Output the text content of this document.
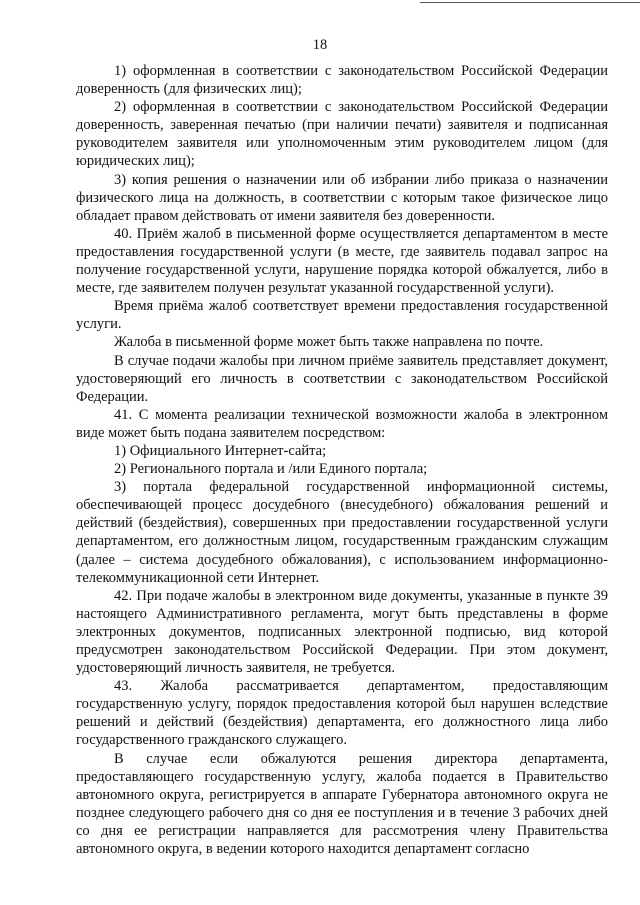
18

1) оформленная в соответствии с законодательством Российской Федерации доверенность (для физических лиц);

2) оформленная в соответствии с законодательством Российской Федерации доверенность, заверенная печатью (при наличии печати) заявителя и подписанная руководителем заявителя или уполномоченным этим руководителем лицом (для юридических лиц);

3) копия решения о назначении или об избрании либо приказа о назначении физического лица на должность, в соответствии с которым такое физическое лицо обладает правом действовать от имени заявителя без доверенности.

40. Приём жалоб в письменной форме осуществляется департаментом в месте предоставления государственной услуги (в месте, где заявитель подавал запрос на получение государственной услуги, нарушение порядка которой обжалуется, либо в месте, где заявителем получен результат указанной государственной услуги).

Время приёма жалоб соответствует времени предоставления государственной услуги.

Жалоба в письменной форме может быть также направлена по почте.

В случае подачи жалобы при личном приёме заявитель представляет документ, удостоверяющий его личность в соответствии с законодательством Российской Федерации.

41. С момента реализации технической возможности жалоба в электронном виде может быть подана заявителем посредством:

1) Официального Интернет-сайта;

2) Регионального портала и /или Единого портала;

3) портала федеральной государственной информационной системы, обеспечивающей процесс досудебного (внесудебного) обжалования решений и действий (бездействия), совершенных при предоставлении государственной услуги департаментом, его должностным лицом, государственным гражданским служащим (далее – система досудебного обжалования), с использованием информационно-телекоммуникационной сети Интернет.

42. При подаче жалобы в электронном виде документы, указанные в пункте 39 настоящего Административного регламента, могут быть представлены в форме электронных документов, подписанных электронной подписью, вид которой предусмотрен законодательством Российской Федерации. При этом документ, удостоверяющий личность заявителя, не требуется.

43. Жалоба рассматривается департаментом, предоставляющим государственную услугу, порядок предоставления которой был нарушен вследствие решений и действий (бездействия) департамента, его должностного лица либо государственного гражданского служащего.

В случае если обжалуются решения директора департамента, предоставляющего государственную услугу, жалоба подается в Правительство автономного округа, регистрируется в аппарате Губернатора автономного округа не позднее следующего рабочего дня со дня ее поступления и в течение 3 рабочих дней со дня ее регистрации направляется для рассмотрения члену Правительства автономного округа, в ведении которого находится департамент согласно
